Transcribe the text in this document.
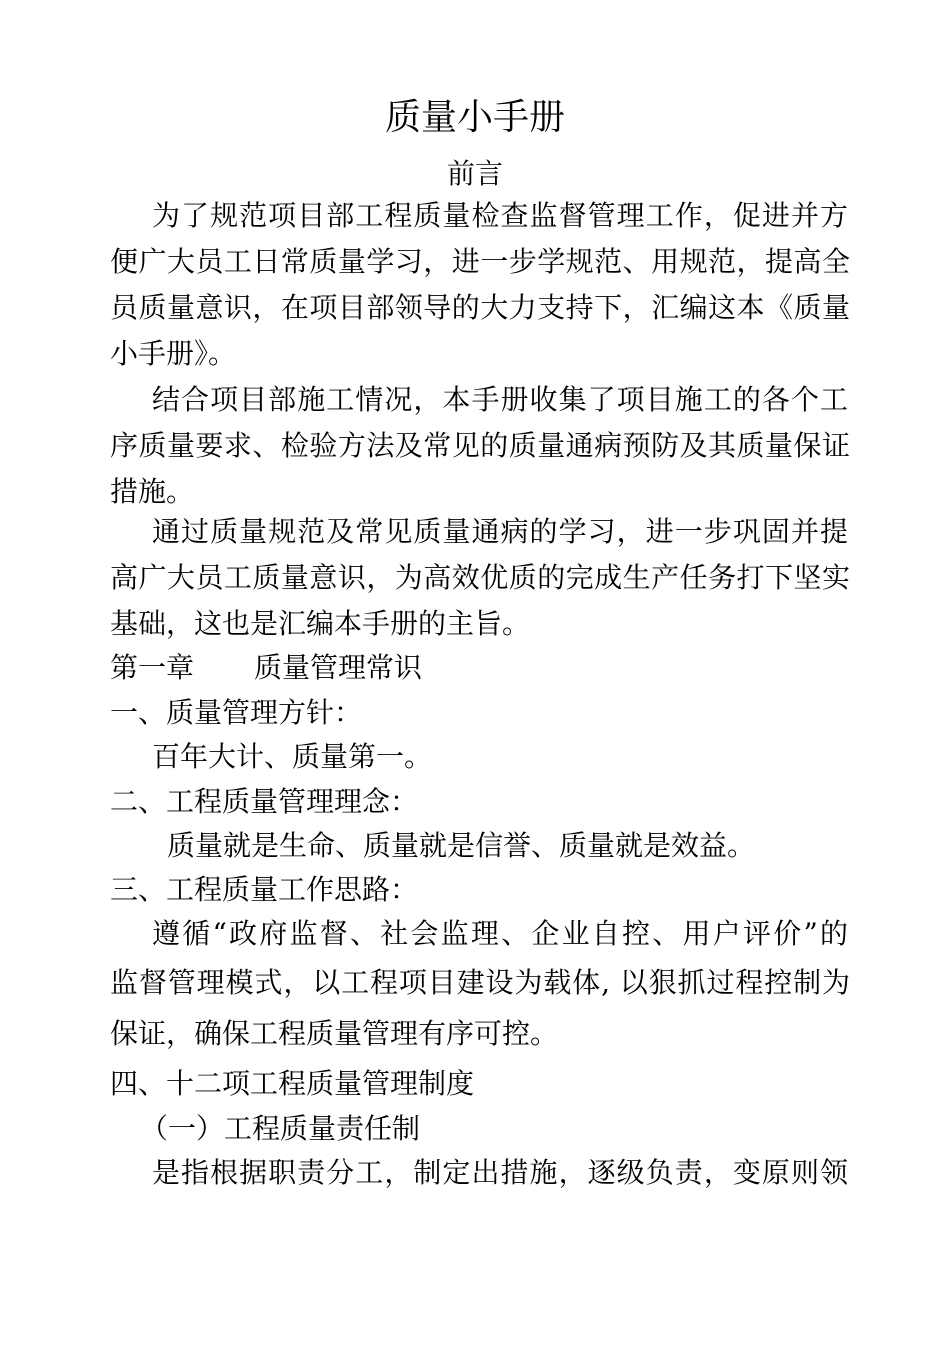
质量小手册
前言
为了规范项目部工程质量检查监督管理工作，促进并方
便广大员工日常质量学习，进一步学规范、用规范，提高全
员质量意识，在项目部领导的大力支持下，汇编这本《质量
小手册》。
结合项目部施工情况，本手册收集了项目施工的各个工
序质量要求、检验方法及常见的质量通病预防及其质量保证
措施。
通过质量规范及常见质量通病的学习，进一步巩固并提
高广大员工质量意识，为高效优质的完成生产任务打下坚实
基础，这也是汇编本手册的主旨。
第一章 质量管理常识
一、质量管理方针：
百年大计、质量第一。
二、工程质量管理理念：
质量就是生命、质量就是信誉、质量就是效益。
三、工程质量工作思路：
遵循“政府监督、社会监理、企业自控、用户评价”的
监督管理模式，以工程项目建设为载体, 以狠抓过程控制为
保证，确保工程质量管理有序可控。
四、十二项工程质量管理制度
（一）工程质量责任制
是指根据职责分工，制定出措施，逐级负责，变原则领
